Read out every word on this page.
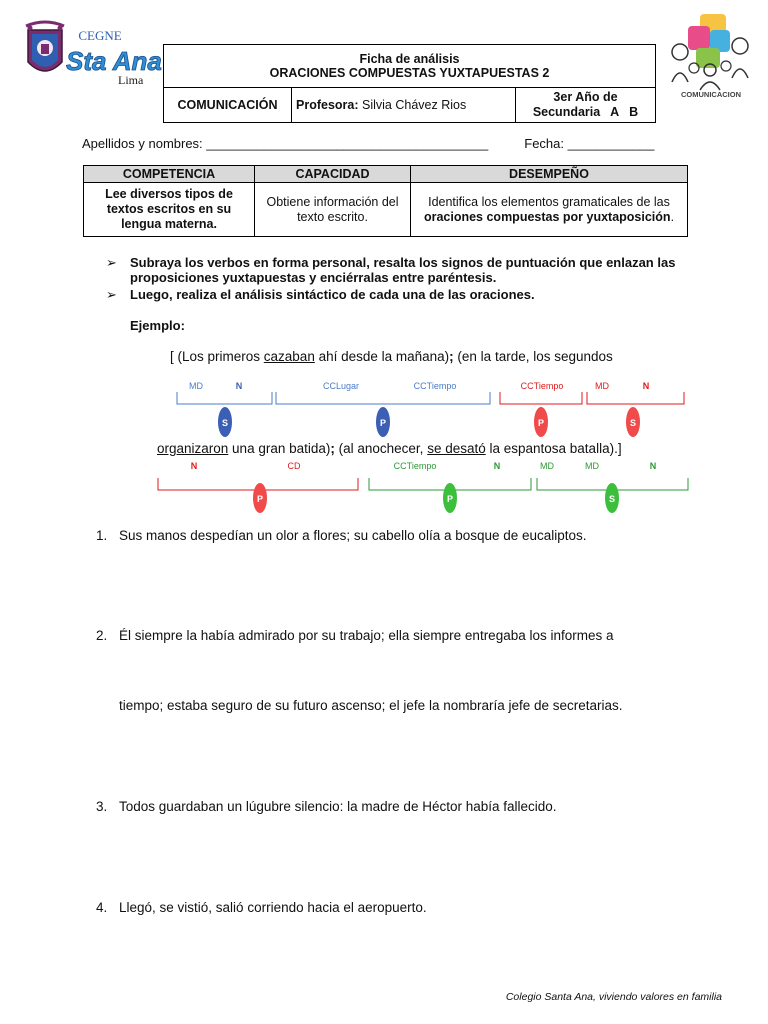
CEGNE
Sta Ana
Lima
COMUNICACION
Ficha de análisis
ORACIONES COMPUESTAS YUXTAPUESTAS 2

COMUNICACIÓN	Profesora: Silvia Chávez Rios	
3er Año de
Secundaria   A   B
Apellidos y nombres: _______________________________________	Fecha: ____________
COMPETENCIA	CAPACIDAD	DESEMPEÑO
Lee diversos tipos de textos escritos en su lengua materna.	Obtiene información del texto escrito.	Identifica los elementos gramaticales de las oraciones compuestas por yuxtaposición.
➢	Subraya los verbos en forma personal, resalta los signos de puntuación que enlazan las proposiciones yuxtapuestas y enciérralas entre paréntesis.
➢	Luego, realiza el análisis sintáctico de cada una de las oraciones.
Ejemplo:
[ (Los primeros cazaban ahí desde la mañana); (en la tarde, los segundos
organizaron una gran batida); (al anochecer, se desató la espantosa batalla).]
MD	N	CCLugar	CCTiempo	CCTiempo	MD	N
S	P	P	S
N	CD	CCTiempo	N	MD	MD	N
P	P	S
1. Sus manos despedían un olor a flores; su cabello olía a bosque de eucaliptos.
2. Él siempre la había admirado por su trabajo; ella siempre entregaba los informes a
tiempo; estaba seguro de su futuro ascenso; el jefe la nombraría jefe de secretarias.
3. Todos guardaban un lúgubre silencio: la madre de Héctor había fallecido.
4. Llegó, se vistió, salió corriendo hacia el aeropuerto.
Colegio Santa Ana, viviendo valores en familia
